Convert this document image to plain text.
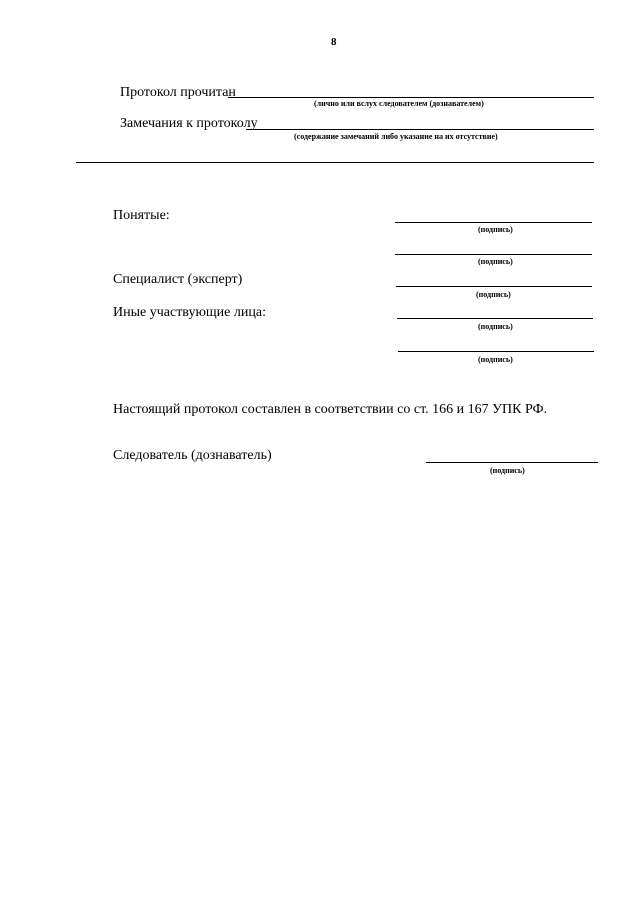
8
Протокол прочитан
(лично или вслух следователем (дознавателем)
Замечания к протоколу
(содержание замечаний либо указание на их отсутствие)
Понятые:
(подпись)
(подпись)
Специалист (эксперт)
(подпись)
Иные участвующие лица:
(подпись)
(подпись)
Настоящий протокол составлен в соответствии со ст. 166 и 167 УПК РФ.
Следователь (дознаватель)
(подпись)
